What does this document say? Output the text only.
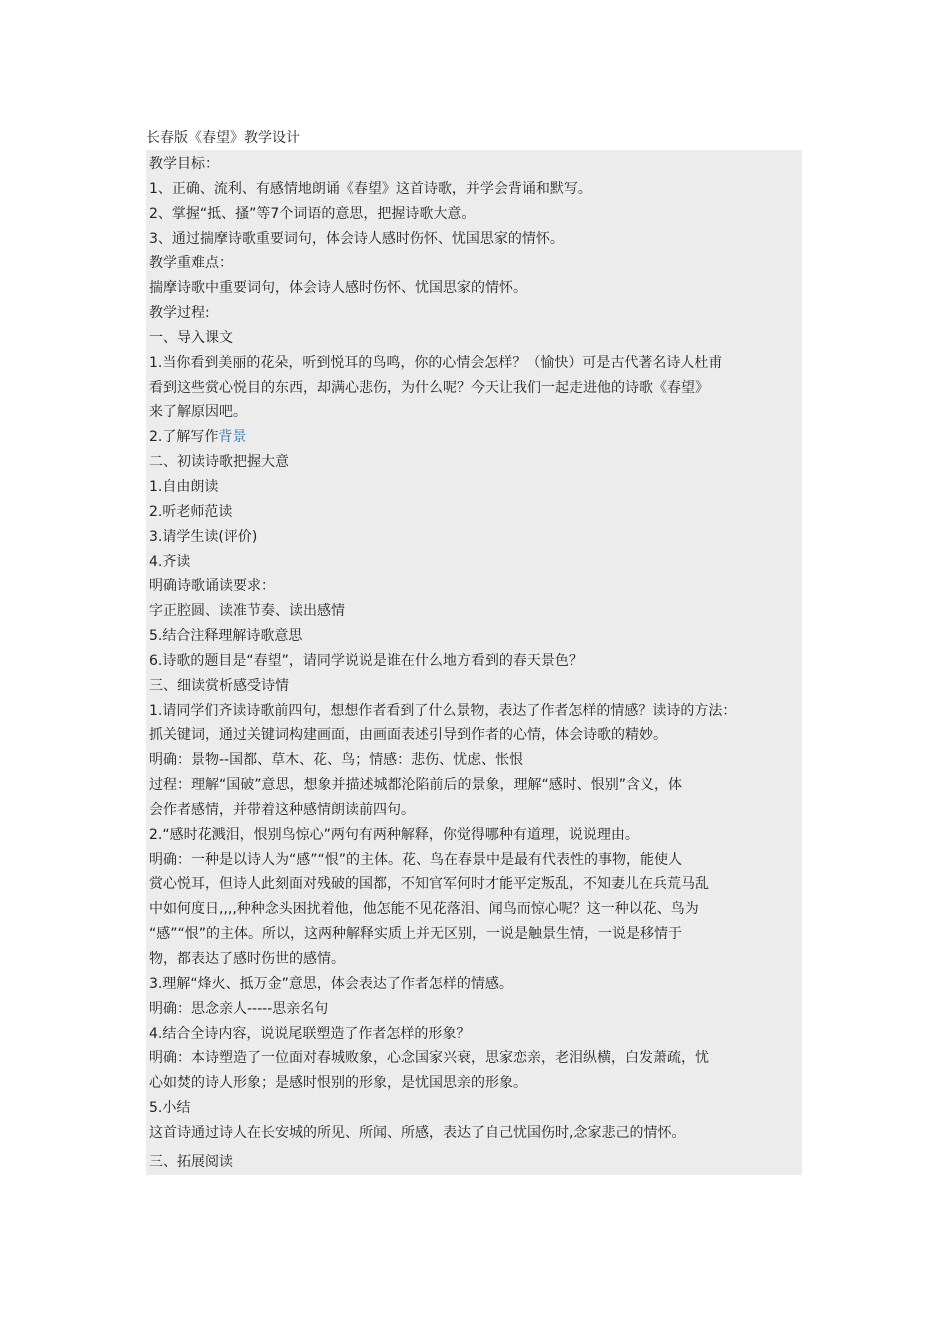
长春版《春望》教学设计
教学目标：
1、正确、流利、有感情地朗诵《春望》这首诗歌，并学会背诵和默写。
2、掌握“抵、搔”等7个词语的意思，把握诗歌大意。
3、通过揣摩诗歌重要词句，体会诗人感时伤怀、忧国思家的情怀。
教学重难点：
揣摩诗歌中重要词句，体会诗人感时伤怀、忧国思家的情怀。
教学过程:
一、导入课文
1.当你看到美丽的花朵，听到悦耳的鸟鸣，你的心情会怎样？（愉快）可是古代著名诗人杜甫
看到这些赏心悦目的东西，却满心悲伤，为什么呢？今天让我们一起走进他的诗歌《春望》
来了解原因吧。
2.了解写作背景
二、初读诗歌把握大意
1.自由朗读
2.听老师范读
3.请学生读(评价)
4.齐读
明确诗歌诵读要求：
字正腔圆、读准节奏、读出感情
5.结合注释理解诗歌意思
6.诗歌的题目是“春望”，请同学说说是谁在什么地方看到的春天景色？
三、细读赏析感受诗情
1.请同学们齐读诗歌前四句，想想作者看到了什么景物，表达了作者怎样的情感？读诗的方法：
抓关键词，通过关键词构建画面，由画面表述引导到作者的心情，体会诗歌的精妙。
明确：景物--国都、草木、花、鸟；情感：悲伤、忧虑、怅恨
过程：理解“国破”意思，想象并描述城都沦陷前后的景象，理解“感时、恨别”含义，体
会作者感情，并带着这种感情朗读前四句。
2.“感时花溅泪，恨别鸟惊心”两句有两种解释，你觉得哪种有道理，说说理由。
明确：一种是以诗人为“感”“恨”的主体。花、鸟在春景中是最有代表性的事物，能使人
赏心悦耳，但诗人此刻面对残破的国都，不知官军何时才能平定叛乱，不知妻儿在兵荒马乱
中如何度日,,,,种种念头困扰着他，他怎能不见花落泪、闻鸟而惊心呢？这一种以花、鸟为
“感”“恨”的主体。所以，这两种解释实质上并无区别，一说是触景生情，一说是移情于
物，都表达了感时伤世的感情。
3.理解“烽火、抵万金”意思，体会表达了作者怎样的情感。
明确：思念亲人-----思亲名句
4.结合全诗内容，说说尾联塑造了作者怎样的形象？
明确：本诗塑造了一位面对春城败象，心念国家兴衰，思家恋亲，老泪纵横，白发萧疏，忧
心如焚的诗人形象；是感时恨别的形象，是忧国思亲的形象。
5.小结
这首诗通过诗人在长安城的所见、所闻、所感，表达了自己忧国伤时,念家悲己的情怀。
三、拓展阅读
